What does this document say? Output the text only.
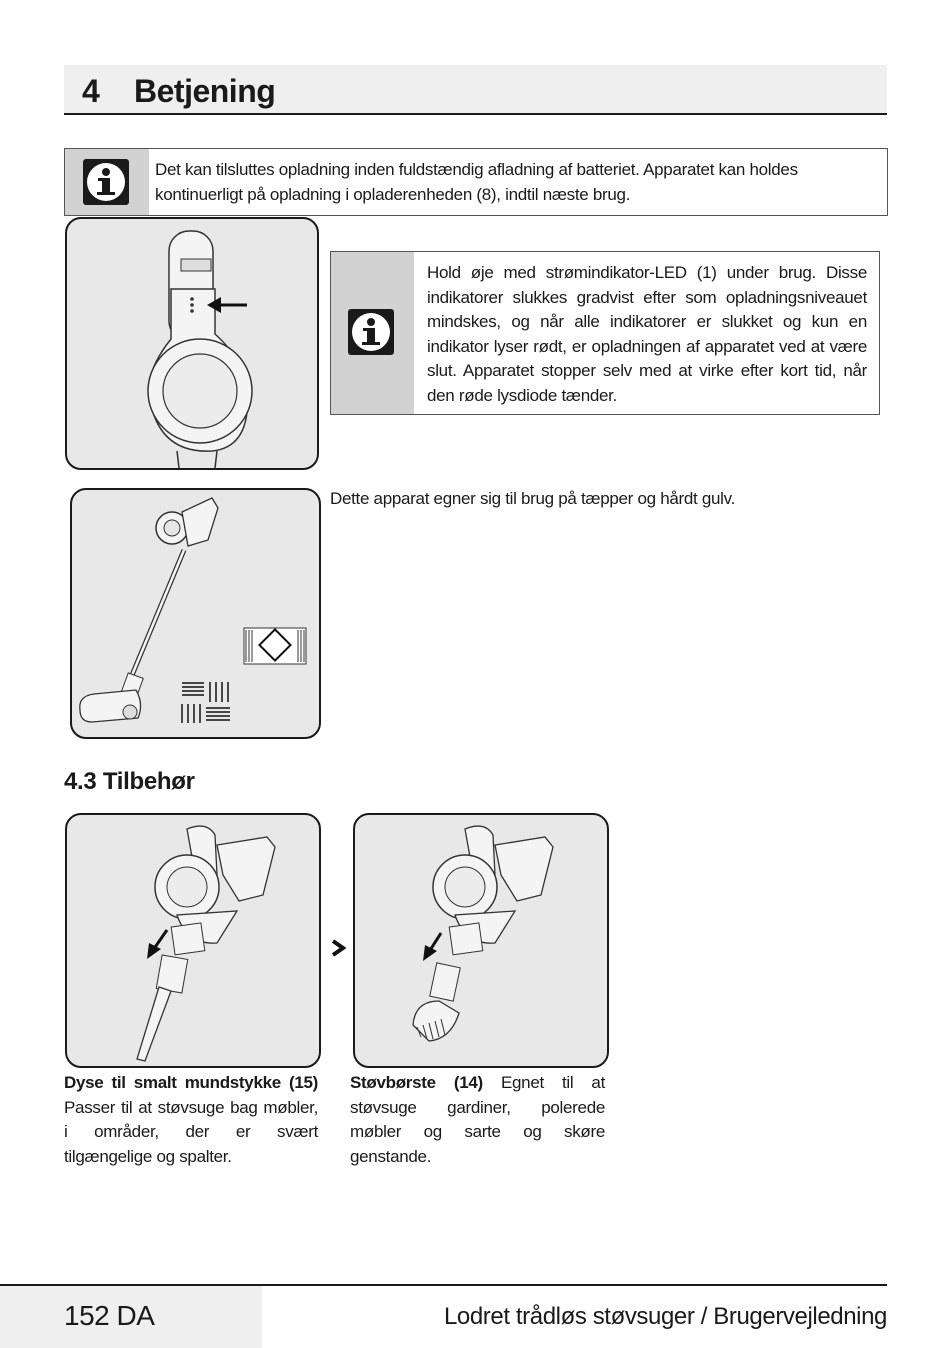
4 Betjening
Det kan tilsluttes opladning inden fuldstændig afladning af batteriet. Apparatet kan holdes kontinuerligt på opladning i opladerenheden (8), indtil næste brug.
Hold øje med strømindikator-LED (1) under brug. Disse indikatorer slukkes gradvist efter som opladningsniveauet mindskes, og når alle indikatorer er slukket og kun en indikator lyser rødt, er opladningen af apparatet ved at være slut. Apparatet stopper selv med at virke efter kort tid, når den røde lysdiode tænder.
Dette apparat egner sig til brug på tæpper og hårdt gulv.
4.3 Tilbehør
Dyse til smalt mundstykke (15) Passer til at støvsuge bag møbler, i områder, der er svært tilgængelige og spalter.
Støvbørste (14) Egnet til at støvsuge gardiner, polerede møbler og sarte og skøre genstande.
152 DA	Lodret trådløs støvsuger / Brugervejledning
